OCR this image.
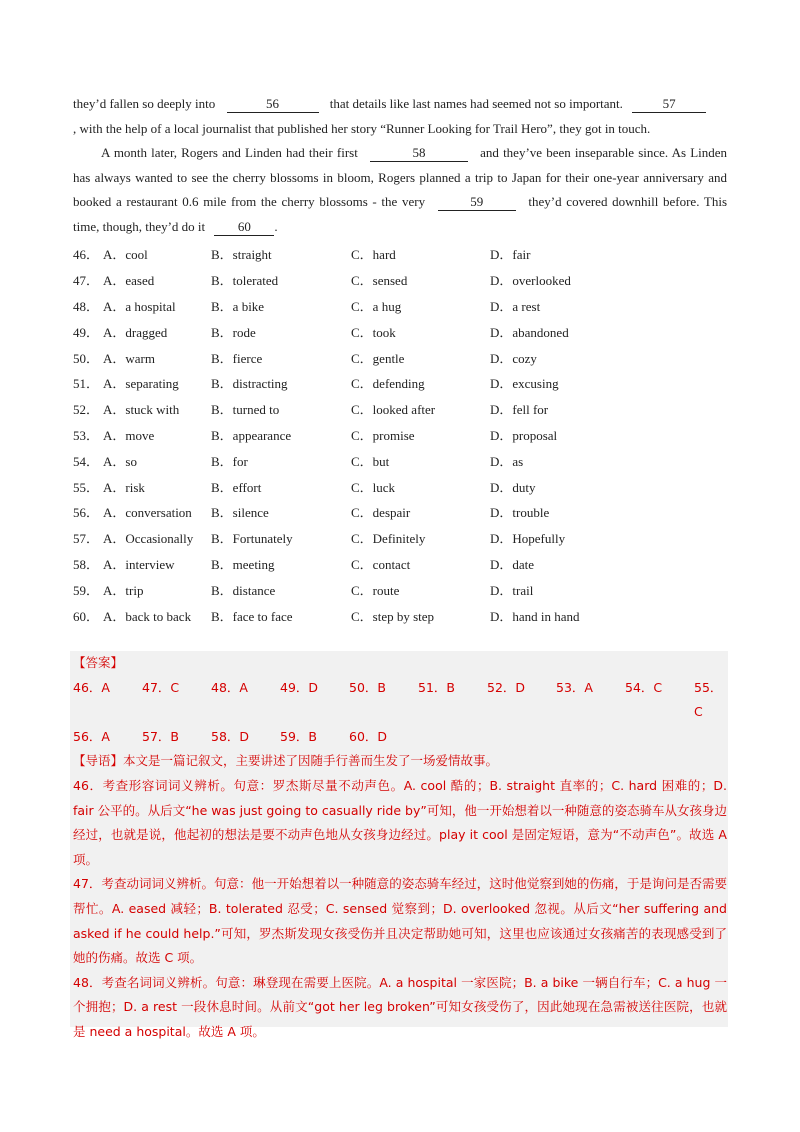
they’d fallen so deeply into	56	that details like last names had seemed not so important.	57
, with the help of a local journalist that published her story “Runner Looking for Trail Hero”, they got in touch.
A month later, Rogers and Linden had their first	58	and they’ve been inseparable since. As Linden has always wanted to see the cherry blossoms in bloom, Rogers planned a trip to Japan for their one-year anniversary and booked a restaurant 0.6 mile from the cherry blossoms - the very	59	they’d covered downhill before. This time, though, they’d do it	60 .
46． A．cool	B．straight	C．hard	D．fair
47． A．eased	B．tolerated	C．sensed	D．overlooked
48． A．a hospital	B．a bike	C．a hug	D．a rest
49． A．dragged	B．rode	C．took	D．abandoned
50． A．warm	B．fierce	C．gentle	D．cozy
51． A．separating	B．distracting	C．defending	D．excusing
52． A．stuck with	B．turned to	C．looked after	D．fell for
53． A．move	B．appearance	C．promise	D．proposal
54． A．so	B．for	C．but	D．as
55． A．risk	B．effort	C．luck	D．duty
56． A．conversation	B．silence	C．despair	D．trouble
57． A．Occasionally	B．Fortunately	C．Definitely	D．Hopefully
58． A．interview	B．meeting	C．contact	D．date
59． A．trip	B．distance	C．route	D．trail
60． A．back to back	B．face to face	C．step by step	D．hand in hand
【答案】
46．A	47．C	48．A	49．D	50．B	51．B	52．D	53．A	54．C	55．C
56．A	57．B	58．D	59．B	60．D
【导语】本文是一篇记叙文，主要讲述了因随手行善而生发了一场爱情故事。
46．考查形容词词义辨析。句意：罗杰斯尽量不动声色。A. cool 酷的；B. straight 直率的；C. hard 困难的；D. fair 公平的。从后文“he was just going to casually ride by”可知，他一开始想着以一种随意的姿态骑车从女孩身边经过，也就是说，他起初的想法是要不动声色地从女孩身边经过。play it cool 是固定短语，意为“不动声色”。故选 A 项。
47．考查动词词义辨析。句意：他一开始想着以一种随意的姿态骑车经过，这时他觉察到她的伤痛，于是询问是否需要帮忙。A. eased 减轻；B. tolerated 忍受；C. sensed 觉察到；D. overlooked 忽视。从后文“her suffering and asked if he could help.”可知，罗杰斯发现女孩受伤并且决定帮助她可知，这里也应该通过女孩痛苦的表现感受到了她的伤痛。故选 C 项。
48．考查名词词义辨析。句意：琳登现在需要上医院。A. a hospital 一家医院；B. a bike 一辆自行车；C. a hug 一个拥抱；D. a rest 一段休息时间。从前文“got her leg broken”可知女孩受伤了，因此她现在急需被送往医院，也就是 need a hospital。故选 A 项。
